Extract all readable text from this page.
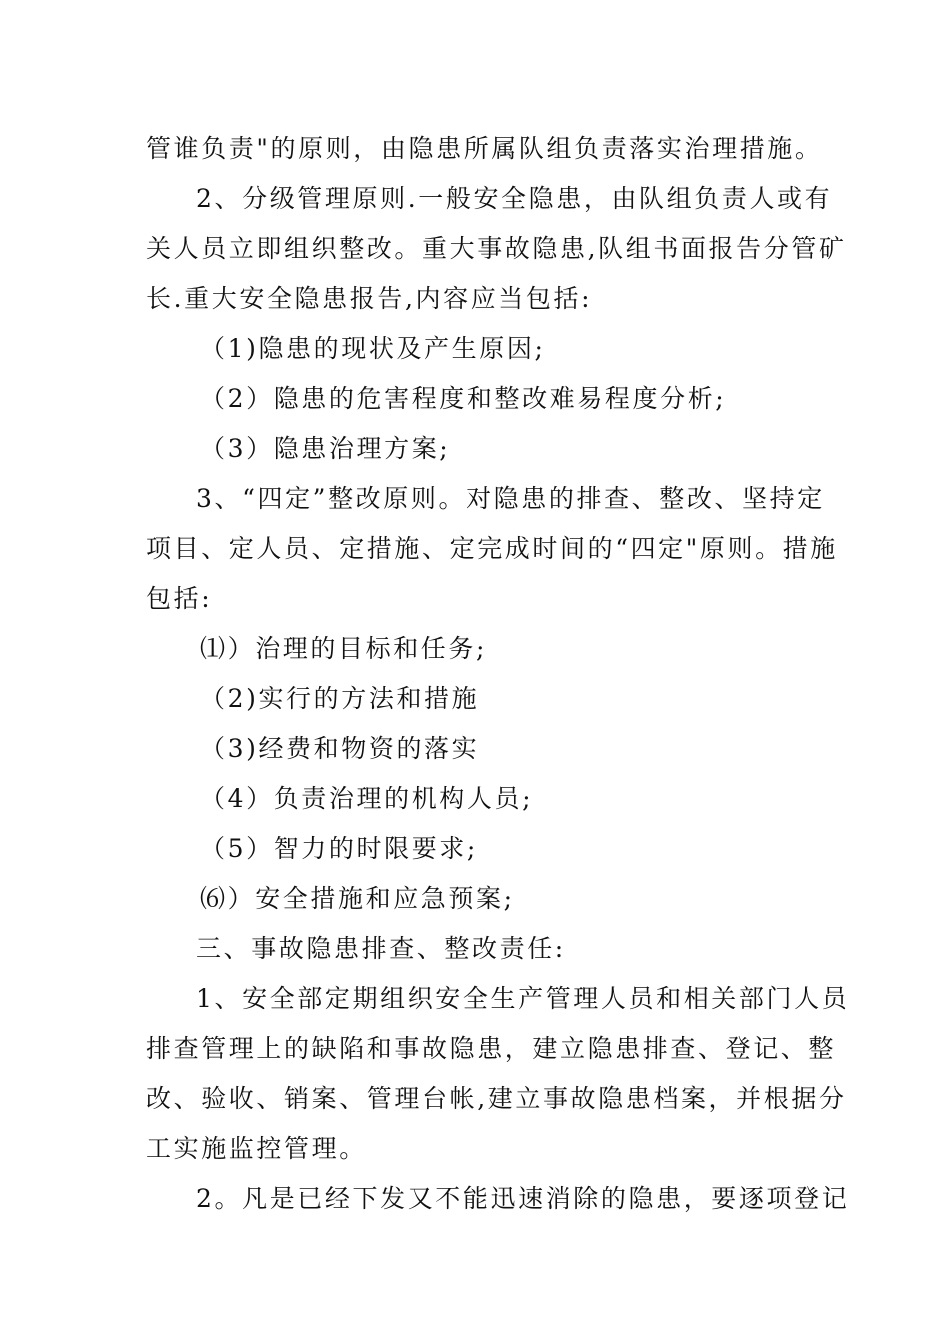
管谁负责"的原则，由隐患所属队组负责落实治理措施。
2、分级管理原则.一般安全隐患，由队组负责人或有
关人员立即组织整改。重大事故隐患,队组书面报告分管矿
长.重大安全隐患报告,内容应当包括:
（1)隐患的现状及产生原因;
（2）隐患的危害程度和整改难易程度分析;
（3）隐患治理方案;
3、“四定”整改原则。对隐患的排查、整改、坚持定
项目、定人员、定措施、定完成时间的“四定"原则。措施
包括:
⑴）治理的目标和任务;
（2)实行的方法和措施
（3)经费和物资的落实
（4）负责治理的机构人员;
（5）智力的时限要求;
⑹）安全措施和应急预案;
三、事故隐患排查、整改责任:
1、安全部定期组织安全生产管理人员和相关部门人员
排查管理上的缺陷和事故隐患，建立隐患排查、登记、整
改、验收、销案、管理台帐,建立事故隐患档案，并根据分
工实施监控管理。
2。凡是已经下发又不能迅速消除的隐患，要逐项登记
